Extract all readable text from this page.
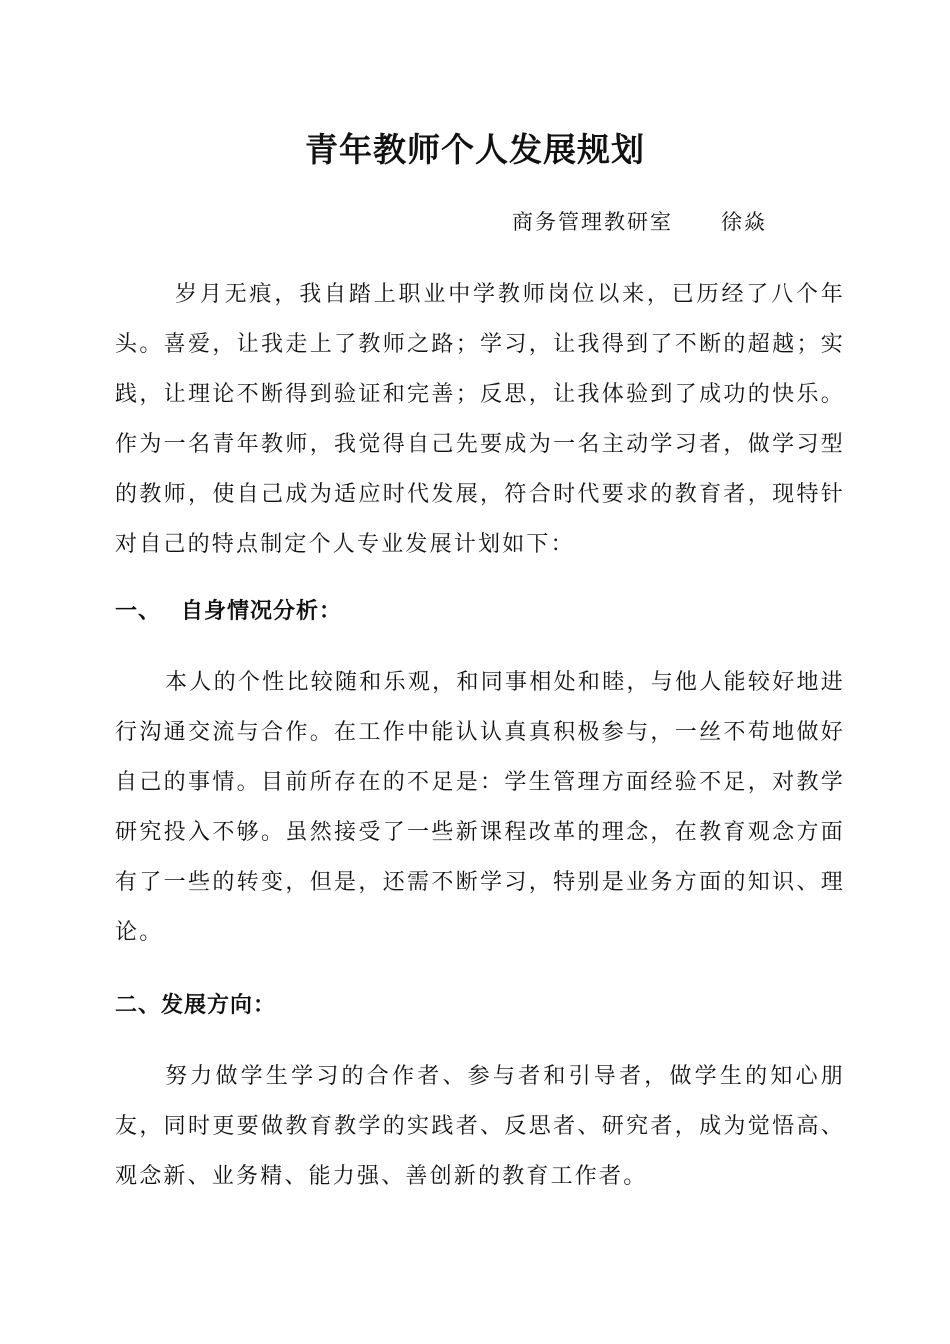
青年教师个人发展规划
商务管理教研室 徐焱

岁月无痕，我自踏上职业中学教师岗位以来，已历经了八个年头。喜爱，让我走上了教师之路；学习，让我得到了不断的超越；实践，让理论不断得到验证和完善；反思，让我体验到了成功的快乐。作为一名青年教师，我觉得自己先要成为一名主动学习者，做学习型的教师，使自己成为适应时代发展，符合时代要求的教育者，现特针对自己的特点制定个人专业发展计划如下：

一、 自身情况分析：

本人的个性比较随和乐观，和同事相处和睦，与他人能较好地进行沟通交流与合作。在工作中能认认真真积极参与，一丝不苟地做好自己的事情。目前所存在的不足是：学生管理方面经验不足，对教学研究投入不够。虽然接受了一些新课程改革的理念，在教育观念方面有了一些的转变，但是，还需不断学习，特别是业务方面的知识、理论。

二、发展方向：

努力做学生学习的合作者、参与者和引导者，做学生的知心朋友，同时更要做教育教学的实践者、反思者、研究者，成为觉悟高、观念新、业务精、能力强、善创新的教育工作者。
